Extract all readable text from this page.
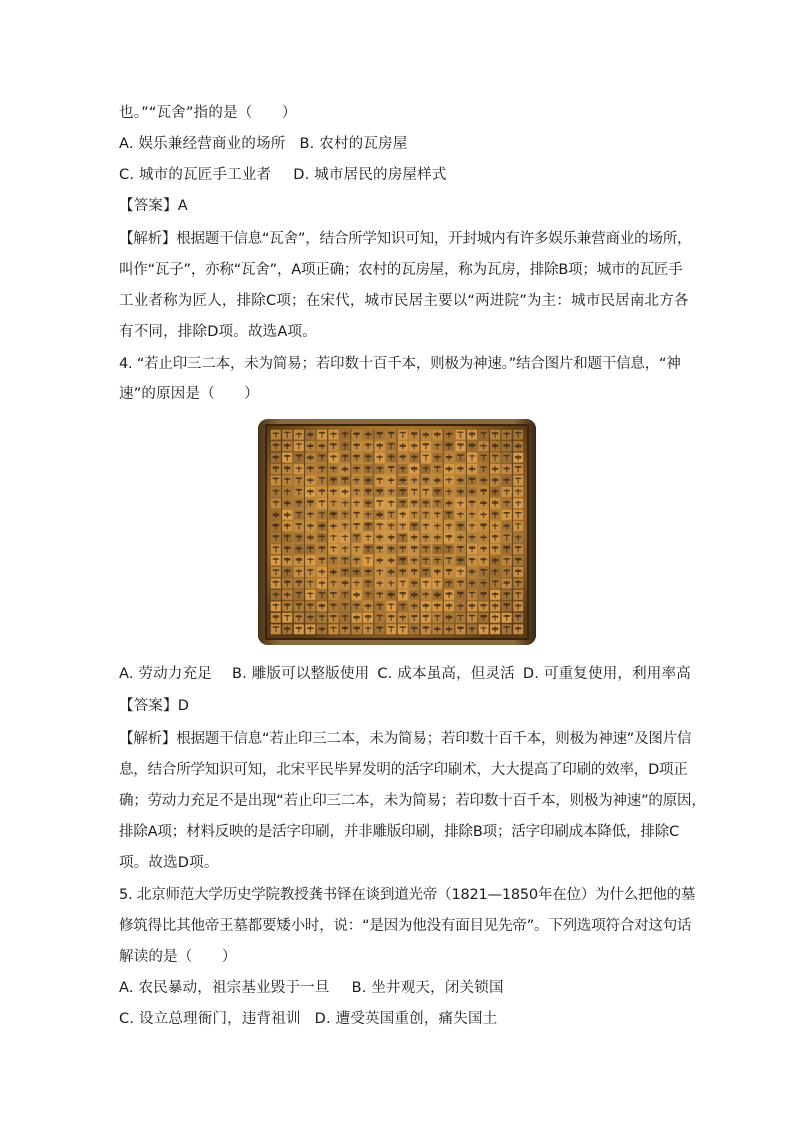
也。”“瓦舍”指的是（　　）
A. 娱乐兼经营商业的场所 B. 农村的瓦房屋
C. 城市的瓦匠手工业者 D. 城市居民的房屋样式
【答案】A
【解析】根据题干信息“瓦舍”，结合所学知识可知，开封城内有许多娱乐兼营商业的场所，
叫作“瓦子”，亦称“瓦舍”，A项正确；农村的瓦房屋，称为瓦房，排除B项；城市的瓦匠手
工业者称为匠人，排除C项；在宋代，城市民居主要以“两进院”为主：城市民居南北方各
有不同，排除D项。故选A项。
4. “若止印三二本，未为简易；若印数十百千本，则极为神速。”结合图片和题干信息，“神
速”的原因是（　　）
A. 劳动力充足 B. 雕版可以整版使用 C. 成本虽高，但灵活 D. 可重复使用，利用率高
【答案】D
【解析】根据题干信息“若止印三二本，未为简易；若印数十百千本，则极为神速”及图片信
息，结合所学知识可知，北宋平民毕昇发明的活字印刷术，大大提高了印刷的效率，D项正
确；劳动力充足不是出现“若止印三二本，未为简易；若印数十百千本，则极为神速”的原因，
排除A项；材料反映的是活字印刷，并非雕版印刷，排除B项；活字印刷成本降低，排除C
项。故选D项。
5. 北京师范大学历史学院教授龚书铎在谈到道光帝（1821—1850年在位）为什么把他的墓
修筑得比其他帝王墓都要矮小时，说：“是因为他没有面目见先帝”。下列选项符合对这句话
解读的是（　　）
A. 农民暴动，祖宗基业毁于一旦 B. 坐井观天，闭关锁国
C. 设立总理衙门，违背祖训 D. 遭受英国重创，痛失国土
